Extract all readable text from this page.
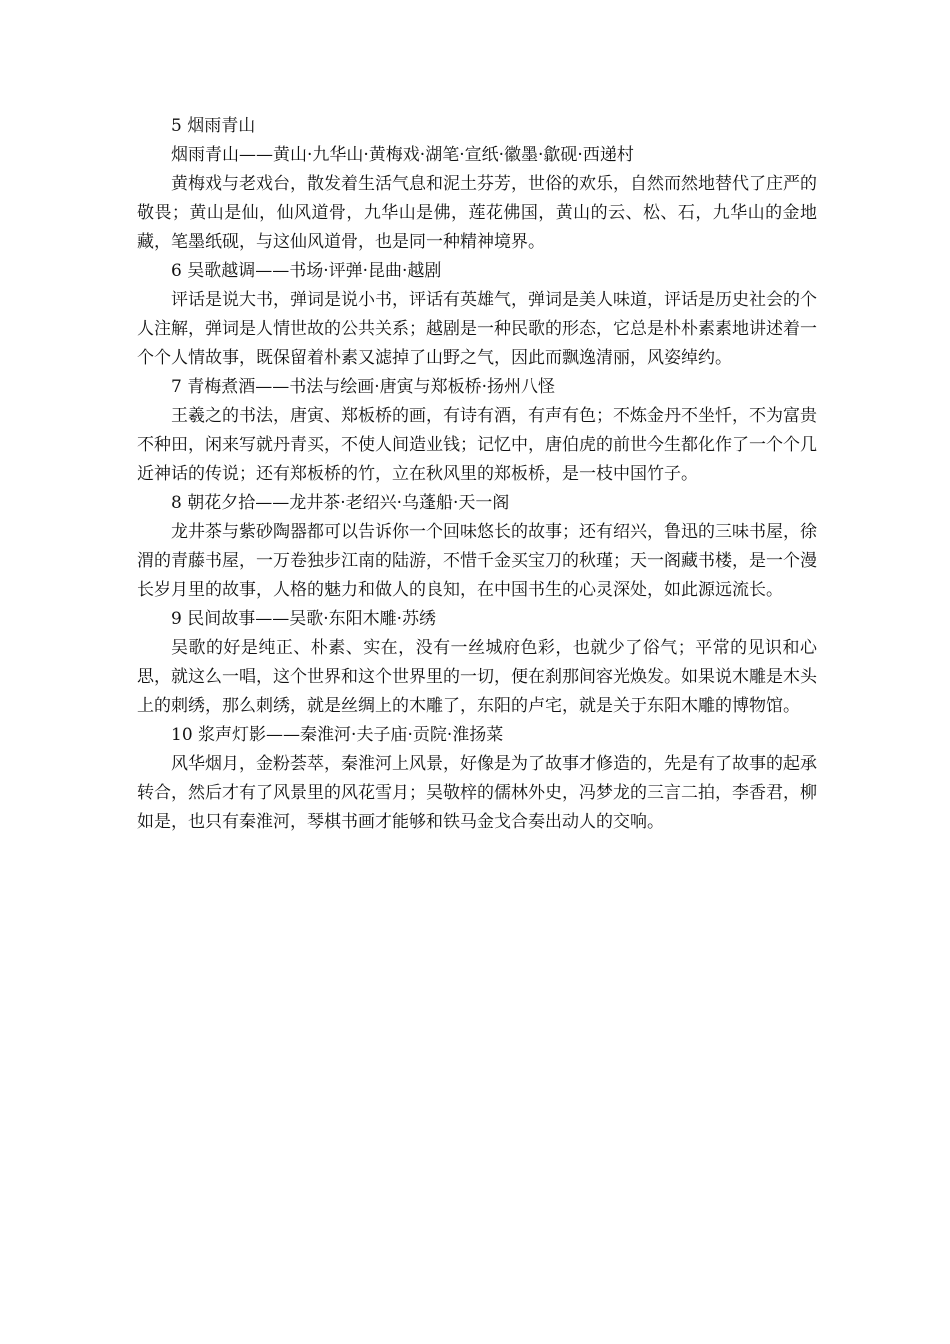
5 烟雨青山

烟雨青山——黄山·九华山·黄梅戏·湖笔·宣纸·徽墨·歙砚·西递村

黄梅戏与老戏台，散发着生活气息和泥土芬芳，世俗的欢乐，自然而然地替代了庄严的敬畏；黄山是仙，仙风道骨，九华山是佛，莲花佛国，黄山的云、松、石，九华山的金地藏，笔墨纸砚，与这仙风道骨，也是同一种精神境界。

6 吴歌越调——书场·评弹·昆曲·越剧

评话是说大书，弹词是说小书，评话有英雄气，弹词是美人味道，评话是历史社会的个人注解，弹词是人情世故的公共关系；越剧是一种民歌的形态，它总是朴朴素素地讲述着一个个人情故事，既保留着朴素又滤掉了山野之气，因此而飘逸清丽，风姿绰约。

7 青梅煮酒——书法与绘画·唐寅与郑板桥·扬州八怪

王羲之的书法，唐寅、郑板桥的画，有诗有酒，有声有色；不炼金丹不坐忏，不为富贵不种田，闲来写就丹青买，不使人间造业钱；记忆中，唐伯虎的前世今生都化作了一个个几近神话的传说；还有郑板桥的竹，立在秋风里的郑板桥，是一枝中国竹子。

8 朝花夕拾——龙井茶·老绍兴·乌蓬船·天一阁

龙井茶与紫砂陶器都可以告诉你一个回味悠长的故事；还有绍兴，鲁迅的三味书屋，徐渭的青藤书屋，一万卷独步江南的陆游，不惜千金买宝刀的秋瑾；天一阁藏书楼，是一个漫长岁月里的故事，人格的魅力和做人的良知，在中国书生的心灵深处，如此源远流长。

9 民间故事——吴歌·东阳木雕·苏绣

吴歌的好是纯正、朴素、实在，没有一丝城府色彩，也就少了俗气；平常的见识和心思，就这么一唱，这个世界和这个世界里的一切，便在刹那间容光焕发。如果说木雕是木头上的刺绣，那么刺绣，就是丝绸上的木雕了，东阳的卢宅，就是关于东阳木雕的博物馆。

10 浆声灯影——秦淮河·夫子庙·贡院·淮扬菜

风华烟月，金粉荟萃，秦淮河上风景，好像是为了故事才修造的，先是有了故事的起承转合，然后才有了风景里的风花雪月；吴敬梓的儒林外史，冯梦龙的三言二拍，李香君，柳如是，也只有秦淮河，琴棋书画才能够和铁马金戈合奏出动人的交响。
